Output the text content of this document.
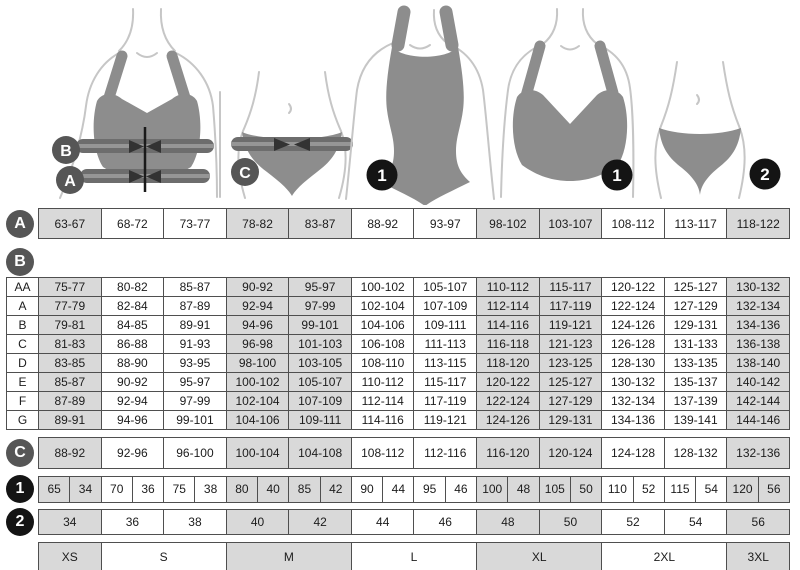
B
A	C	1	1	2
A	63-67	68-72	73-77	78-82	83-87	88-92	93-97	98-102	103-107	108-112	113-117	118-122
B
AA	75-77	80-82	85-87	90-92	95-97	100-102	105-107	110-112	115-117	120-122	125-127	130-132
A	77-79	82-84	87-89	92-94	97-99	102-104	107-109	112-114	117-119	122-124	127-129	132-134
B	79-81	84-85	89-91	94-96	99-101	104-106	109-111	114-116	119-121	124-126	129-131	134-136
C	81-83	86-88	91-93	96-98	101-103	106-108	111-113	116-118	121-123	126-128	131-133	136-138
D	83-85	88-90	93-95	98-100	103-105	108-110	113-115	118-120	123-125	128-130	133-135	138-140
E	85-87	90-92	95-97	100-102	105-107	110-112	115-117	120-122	125-127	130-132	135-137	140-142
F	87-89	92-94	97-99	102-104	107-109	112-114	117-119	122-124	127-129	132-134	137-139	142-144
G	89-91	94-96	99-101	104-106	109-111	114-116	119-121	124-126	129-131	134-136	139-141	144-146
C	88-92	92-96	96-100	100-104	104-108	108-112	112-116	116-120	120-124	124-128	128-132	132-136
1	65	34	70	36	75	38	80	40	85	42	90	44	95	46	100	48	105	50	110	52	115	54	120	56
2	34	36	38	40	42	44	46	48	50	52	54	56
XS	S	M	L	XL	2XL	3XL
